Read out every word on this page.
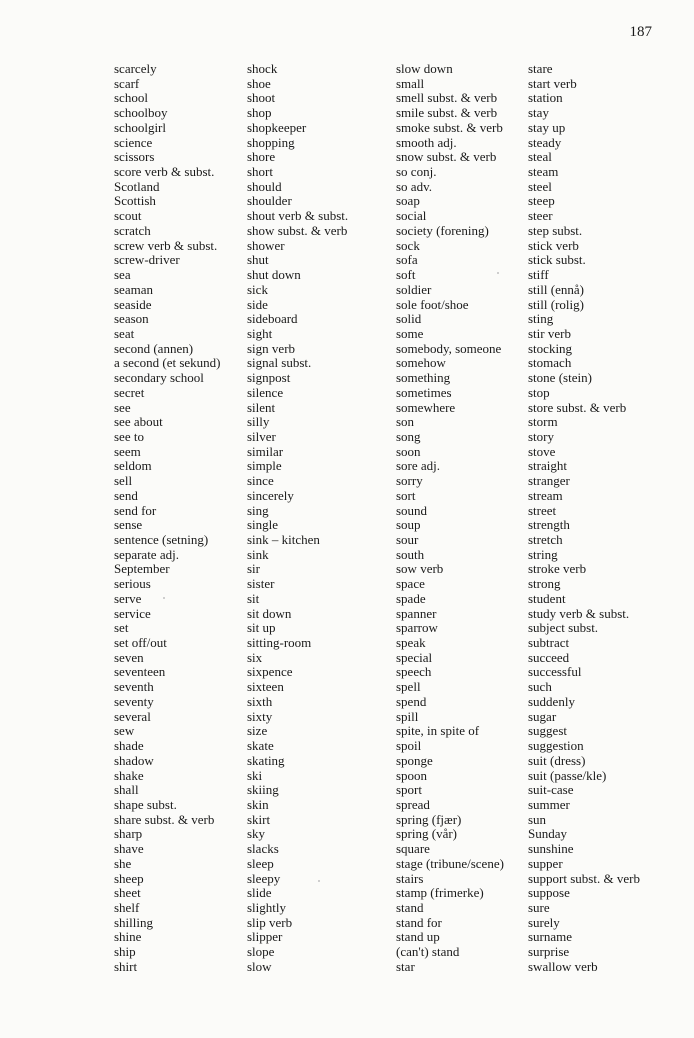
187
scarcely
scarf
school
schoolboy
schoolgirl
science
scissors
score verb & subst.
Scotland
Scottish
scout
scratch
screw verb & subst.
screw-driver
sea
seaman
seaside
season
seat
second (annen)
a second (et sekund)
secondary school
secret
see
see about
see to
seem
seldom
sell
send
send for
sense
sentence (setning)
separate adj.
September
serious
serve
service
set
set off/out
seven
seventeen
seventh
seventy
several
sew
shade
shadow
shake
shall
shape subst.
share subst. & verb
sharp
shave
she
sheep
sheet
shelf
shilling
shine
ship
shirt
shock
shoe
shoot
shop
shopkeeper
shopping
shore
short
should
shoulder
shout verb & subst.
show subst. & verb
shower
shut
shut down
sick
side
sideboard
sight
sign verb
signal subst.
signpost
silence
silent
silly
silver
similar
simple
since
sincerely
sing
single
sink – kitchen
sink
sir
sister
sit
sit down
sit up
sitting-room
six
sixpence
sixteen
sixth
sixty
size
skate
skating
ski
skiing
skin
skirt
sky
slacks
sleep
sleepy
slide
slightly
slip verb
slipper
slope
slow
slow down
small
smell subst. & verb
smile subst. & verb
smoke subst. & verb
smooth adj.
snow subst. & verb
so conj.
so adv.
soap
social
society (forening)
sock
sofa
soft
soldier
sole foot/shoe
solid
some
somebody, someone
somehow
something
sometimes
somewhere
son
song
soon
sore adj.
sorry
sort
sound
soup
sour
south
sow verb
space
spade
spanner
sparrow
speak
special
speech
spell
spend
spill
spite, in spite of
spoil
sponge
spoon
sport
spread
spring (fjær)
spring (vår)
square
stage (tribune/scene)
stairs
stamp (frimerke)
stand
stand for
stand up
(can't) stand
star
stare
start verb
station
stay
stay up
steady
steal
steam
steel
steep
steer
step subst.
stick verb
stick subst.
stiff
still (ennå)
still (rolig)
sting
stir verb
stocking
stomach
stone (stein)
stop
store subst. & verb
storm
story
stove
straight
stranger
stream
street
strength
stretch
string
stroke verb
strong
student
study verb & subst.
subject subst.
subtract
succeed
successful
such
suddenly
sugar
suggest
suggestion
suit (dress)
suit (passe/kle)
suit-case
summer
sun
Sunday
sunshine
supper
support subst. & verb
suppose
sure
surely
surname
surprise
swallow verb
